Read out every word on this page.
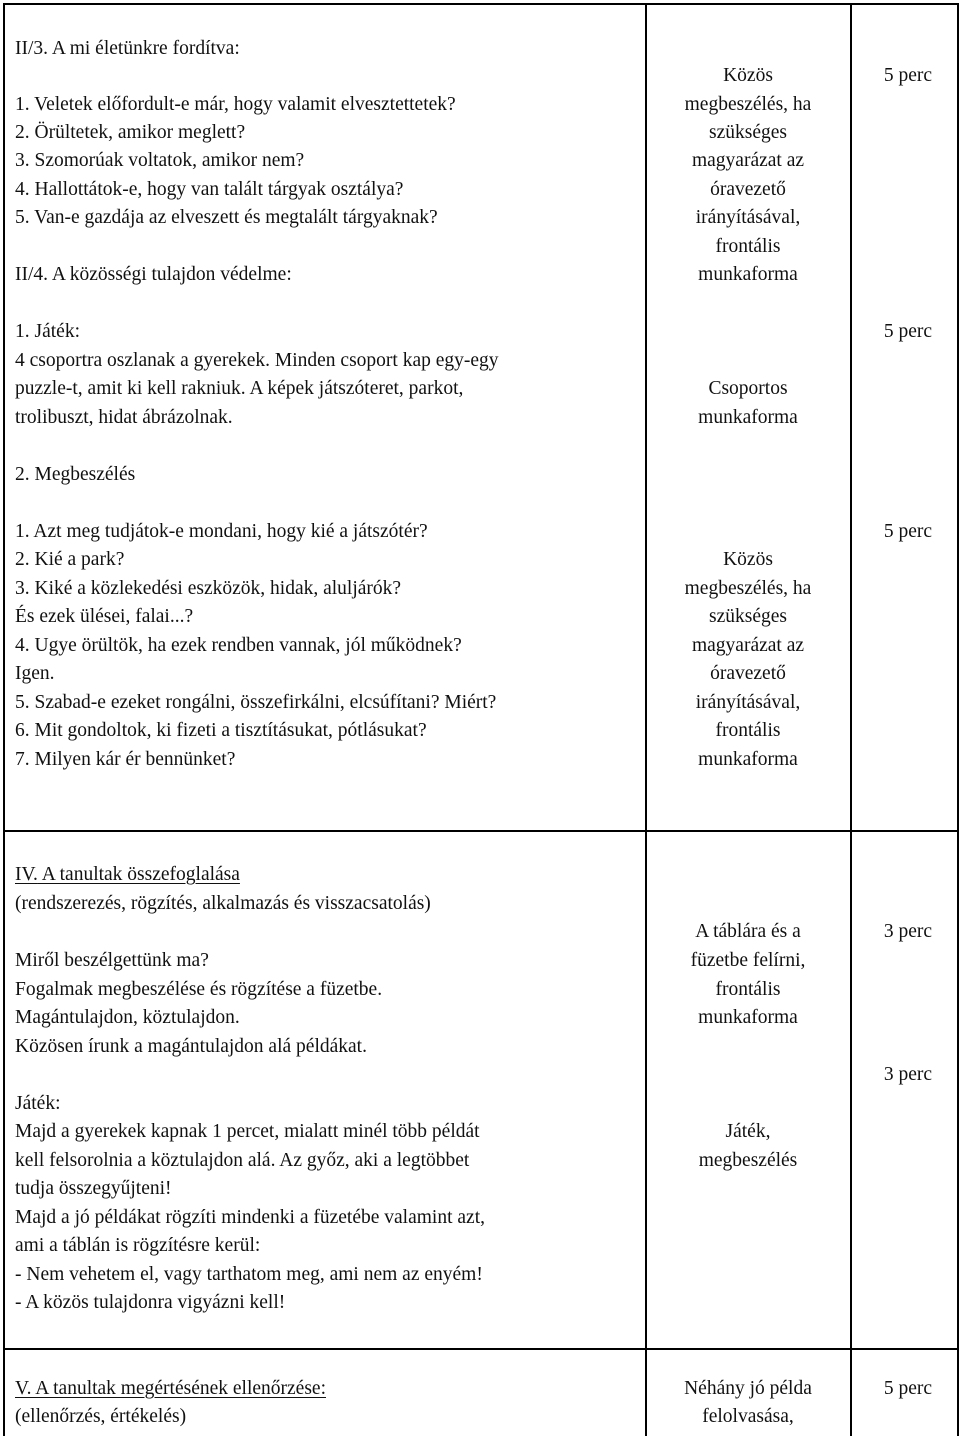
II/3. A mi életünkre fordítva:
1. Veletek előfordult-e már, hogy valamit elvesztettetek?
2. Örültetek, amikor meglett?
3. Szomorúak voltatok, amikor nem?
4. Hallottátok-e, hogy van talált tárgyak osztálya?
5. Van-e gazdája az elveszett és megtalált tárgyaknak?
II/4. A közösségi tulajdon védelme:
1. Játék:
4 csoportra oszlanak a gyerekek. Minden csoport kap egy-egy
puzzle-t, amit ki kell rakniuk. A képek játszóteret, parkot,
trolibuszt, hidat ábrázolnak.
2. Megbeszélés
1. Azt meg tudjátok-e mondani, hogy kié a játszótér?
2. Kié a park?
3. Kiké a közlekedési eszközök, hidak, aluljárók?
És ezek ülései, falai...?
4. Ugye örültök, ha ezek rendben vannak, jól működnek?
Igen.
5. Szabad-e ezeket rongálni, összefirkálni, elcsúfítani? Miért?
6. Mit gondoltok, ki fizeti a tisztításukat, pótlásukat?
7. Milyen kár ér bennünket?
Közös
megbeszélés, ha
szükséges
magyarázat az
óravezető
irányításával,
frontális
munkaforma
Csoportos
munkaforma
Közös
megbeszélés, ha
szükséges
magyarázat az
óravezető
irányításával,
frontális
munkaforma
5 perc
5 perc
5 perc
IV. A tanultak összefoglalása
(rendszerezés, rögzítés, alkalmazás és visszacsatolás)
Miről beszélgettünk ma?
Fogalmak megbeszélése és rögzítése a füzetbe.
Magántulajdon, köztulajdon.
Közösen írunk a magántulajdon alá példákat.
Játék:
Majd a gyerekek kapnak 1 percet, mialatt minél több példát
kell felsorolnia a köztulajdon alá. Az győz, aki a legtöbbet
tudja összegyűjteni!
Majd a jó példákat rögzíti mindenki a füzetébe valamint azt,
ami a táblán is rögzítésre kerül:
- Nem vehetem el, vagy tarthatom meg, ami nem az enyém!
- A közös tulajdonra vigyázni kell!
A táblára és a
füzetbe felírni,
frontális
munkaforma
Játék,
megbeszélés
3 perc
3 perc
V. A tanultak megértésének ellenőrzése:
(ellenőrzés, értékelés)
Néhány jó példa
felolvasása,
5 perc
